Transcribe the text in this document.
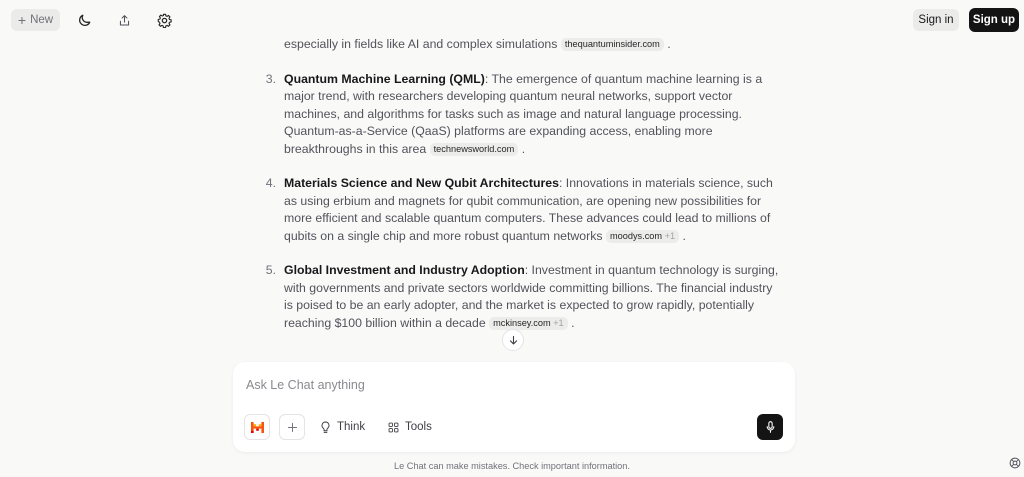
+ New	Sign in	Sign up
especially in fields like AI and complex simulations thequantuminsider.com .
3. Quantum Machine Learning (QML): The emergence of quantum machine learning is a major trend, with researchers developing quantum neural networks, support vector machines, and algorithms for tasks such as image and natural language processing. Quantum-as-a-Service (QaaS) platforms are expanding access, enabling more breakthroughs in this area technewsworld.com .
4. Materials Science and New Qubit Architectures: Innovations in materials science, such as using erbium and magnets for qubit communication, are opening new possibilities for more efficient and scalable quantum computers. These advances could lead to millions of qubits on a single chip and more robust quantum networks moodys.com +1 .
5. Global Investment and Industry Adoption: Investment in quantum technology is surging, with governments and private sectors worldwide committing billions. The financial industry is poised to be an early adopter, and the market is expected to grow rapidly, potentially reaching $100 billion within a decade mckinsey.com +1 .
Ask Le Chat anything
Think	Tools
Le Chat can make mistakes. Check important information.
